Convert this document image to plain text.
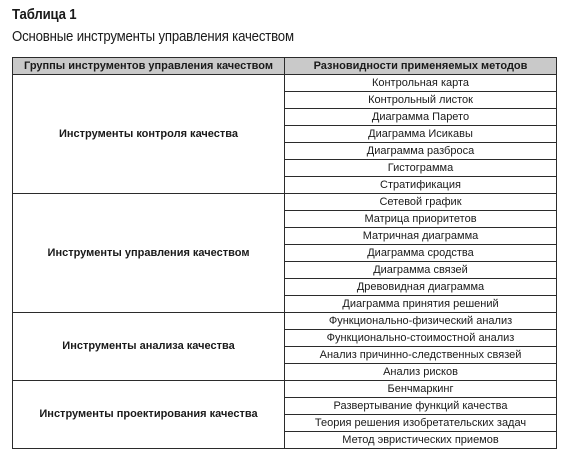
Таблица 1
Основные инструменты управления качеством
Группы инструментов управления качеством	Разновидности применяемых методов
Инструменты контроля качества	Контрольная карта
	Контрольный листок
	Диаграмма Парето
	Диаграмма Исикавы
	Диаграмма разброса
	Гистограмма
	Стратификация
Инструменты управления качеством	Сетевой график
	Матрица приоритетов
	Матричная диаграмма
	Диаграмма сродства
	Диаграмма связей
	Древовидная диаграмма
	Диаграмма принятия решений
Инструменты анализа качества	Функционально-физический анализ
	Функционально-стоимостной анализ
	Анализ причинно-следственных связей
	Анализ рисков
Инструменты проектирования качества	Бенчмаркинг
	Развертывание функций качества
	Теория решения изобретательских задач
	Метод эвристических приемов
